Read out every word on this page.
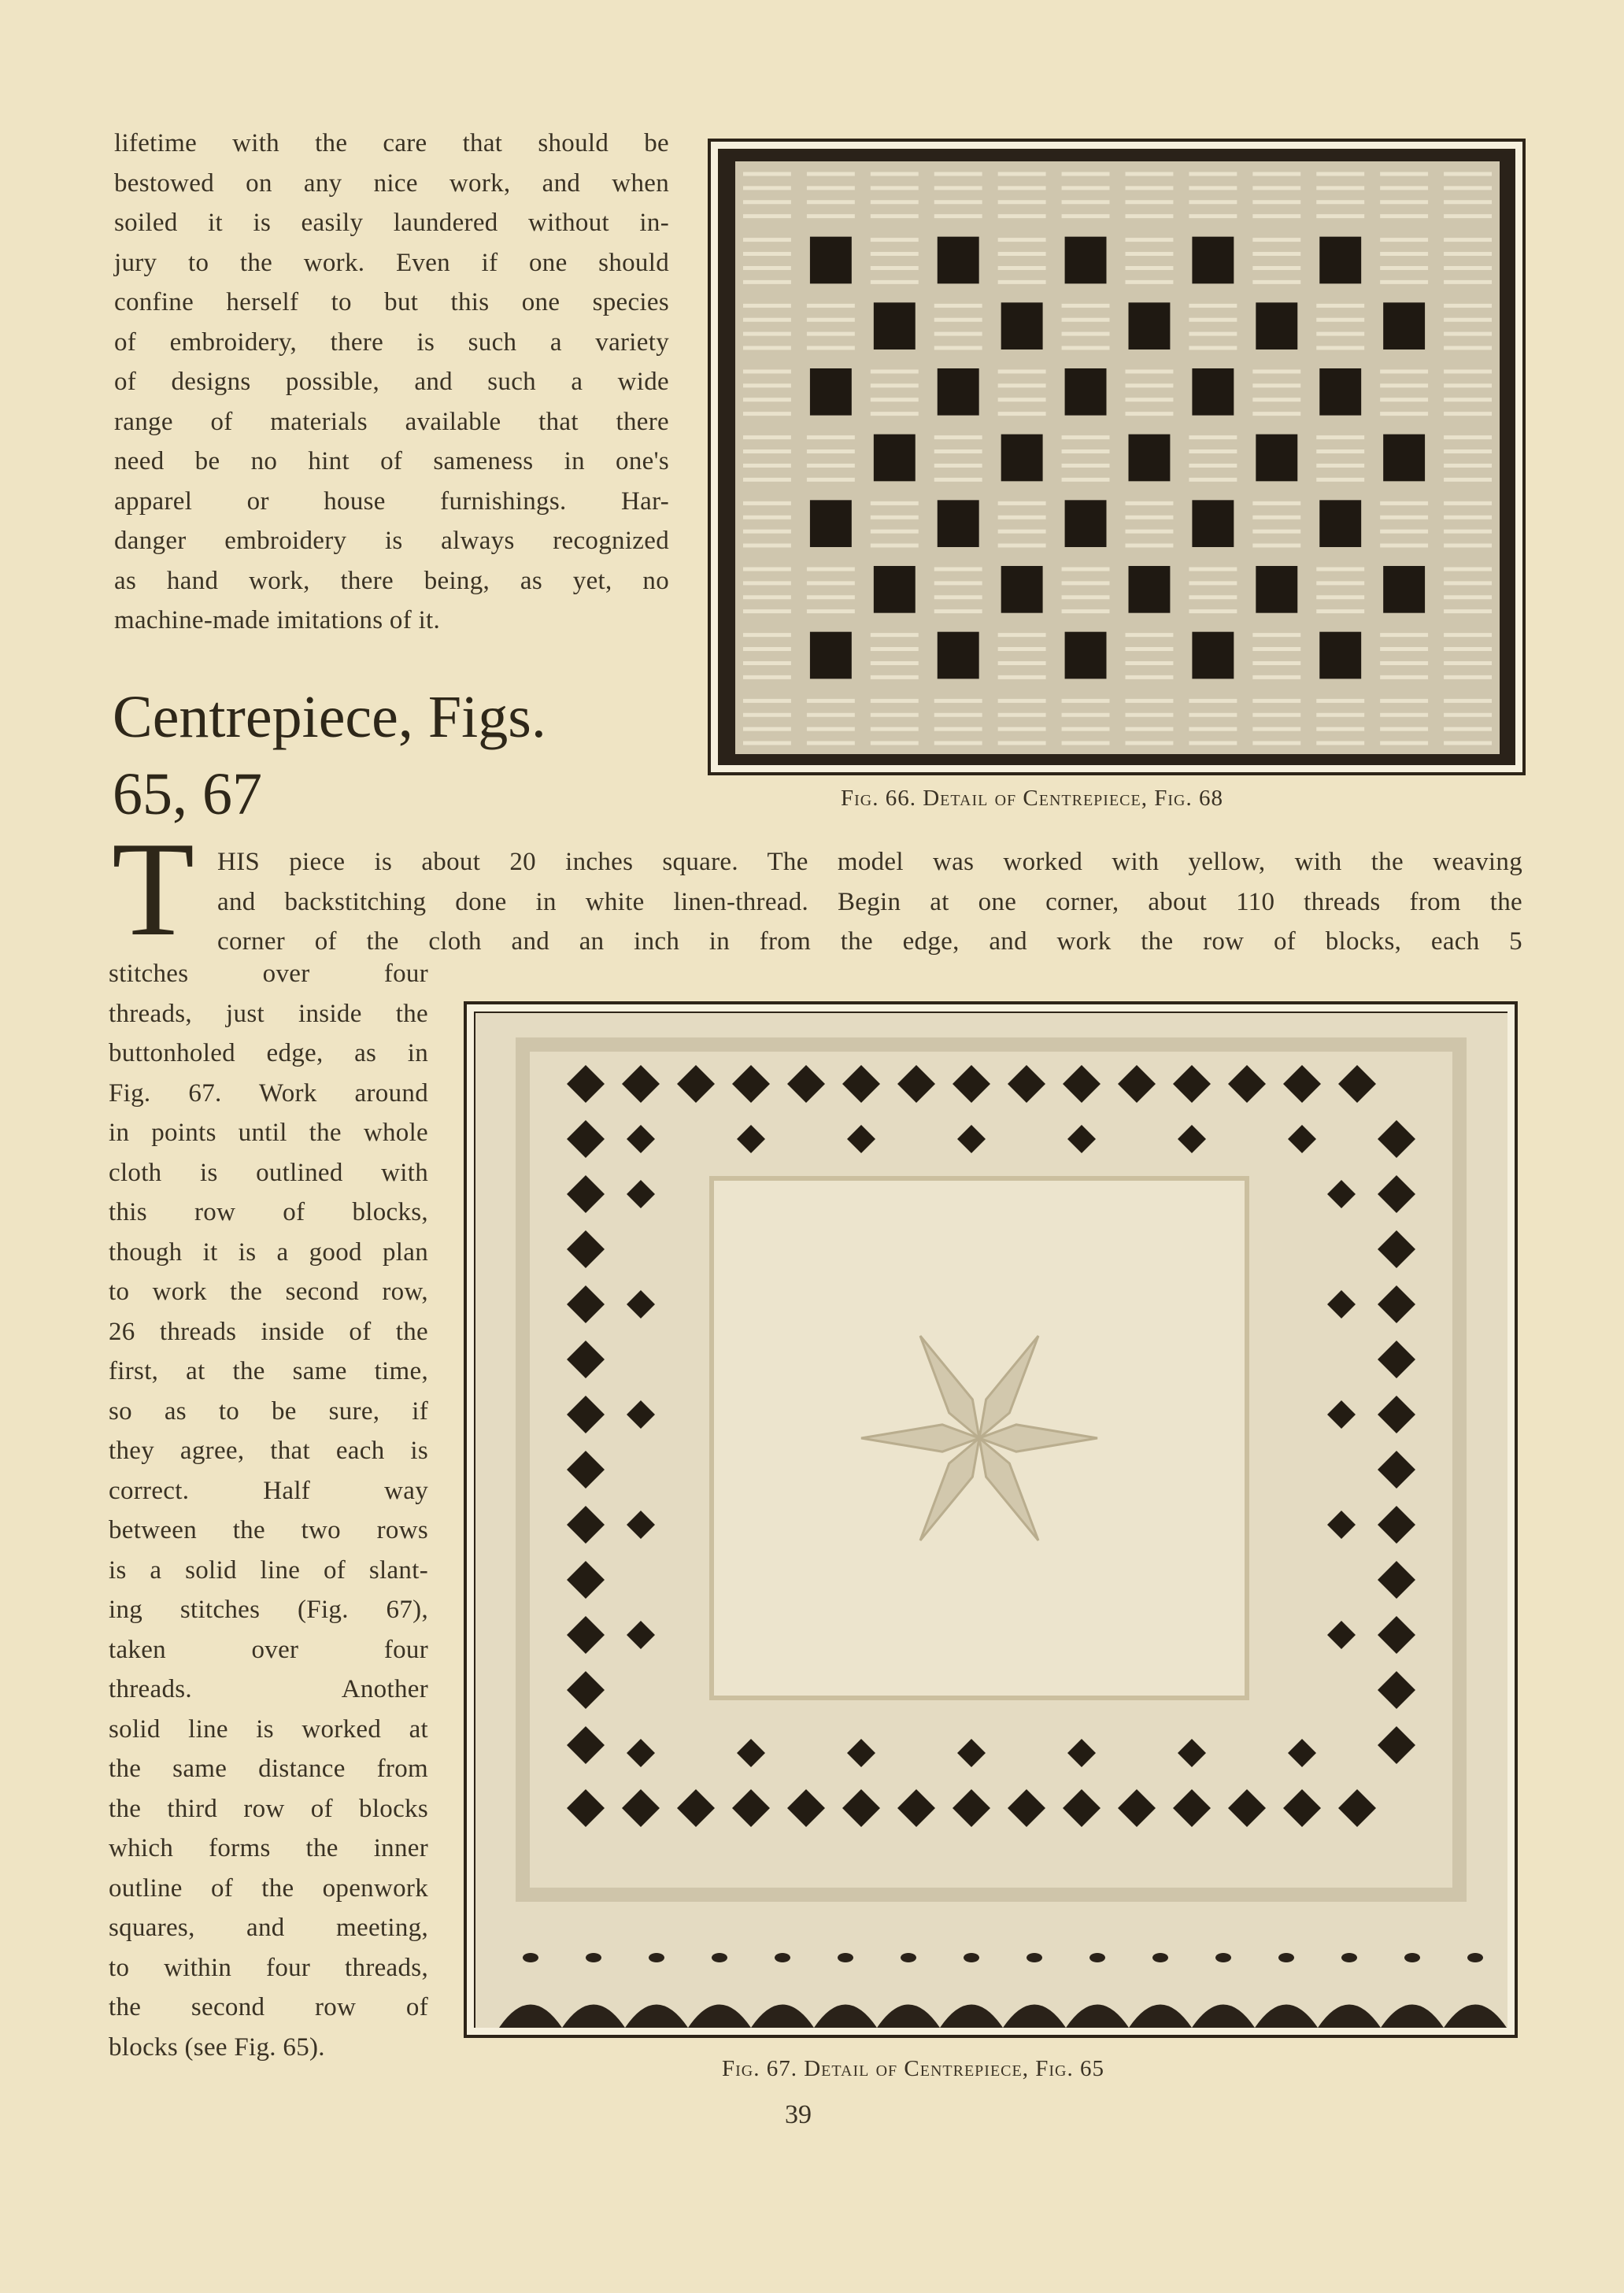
lifetime with the care that should be
bestowed on any nice work, and when
soiled it is easily laundered without in-
jury to the work. Even if one should
confine herself to but this one species
of embroidery, there is such a variety
of designs possible, and such a wide
range of materials available that there
need be no hint of sameness in one's
apparel or house furnishings. Har-
danger embroidery is always recognized
as hand work, there being, as yet, no
machine-made imitations of it.

Centrepiece, Figs.
65, 67
T HIS piece is about 20 inches square. The model was worked with yellow, with the weaving
and backstitching done in white linen-thread. Begin at one corner, about 110 threads from the
corner of the cloth and an inch in from the edge, and work the row of blocks, each 5

stitches over four
threads, just inside the
buttonholed edge, as in
Fig. 67. Work around
in points until the whole
cloth is outlined with
this row of blocks,
though it is a good plan
to work the second row,
26 threads inside of the
first, at the same time,
so as to be sure, if
they agree, that each is
correct. Half way
between the two rows
is a solid line of slant-
ing stitches (Fig. 67),
taken over four
threads. Another
solid line is worked at
the same distance from
the third row of blocks
which forms the inner
outline of the openwork
squares, and meeting,
to within four threads,
the second row of
blocks (see Fig. 65).

Fig. 66. Detail of Centrepiece, Fig. 68

Fig. 67. Detail of Centrepiece, Fig. 65

39
